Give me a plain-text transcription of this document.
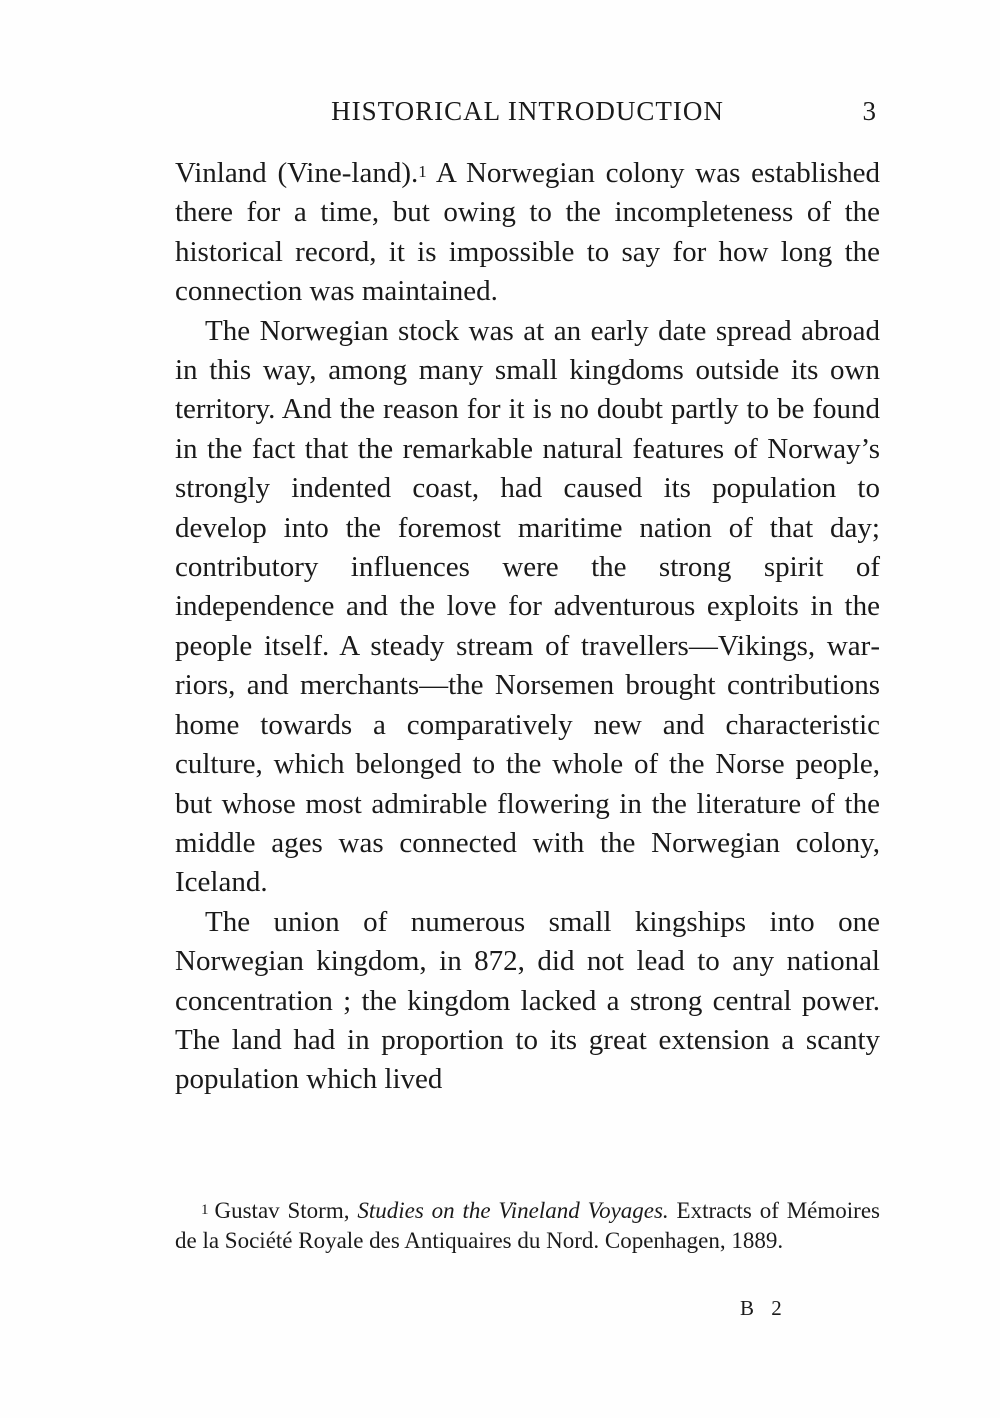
HISTORICAL INTRODUCTION	3

Vinland (Vine-land).$^1$ A Norwegian colony was established there for a time, but owing to the incompleteness of the historical record, it is impossible to say for how long the connection was maintained.

The Norwegian stock was at an early date spread abroad in this way, among many small kingdoms outside its own territory. And the reason for it is no doubt partly to be found in the fact that the remarkable natural features of Norway’s strongly indented coast, had caused its population to develop into the foremost maritime nation of that day; contributory influences were the strong spirit of independence and the love for adventurous exploits in the people itself. A steady stream of travellers—Vikings, warriors, and merchants—the Norsemen brought contributions home towards a comparatively new and characteristic culture, which belonged to the whole of the Norse people, but whose most admirable flowering in the literature of the middle ages was connected with the Norwegian colony, Iceland.

The union of numerous small kingships into one Norwegian kingdom, in 872, did not lead to any national concentration ; the kingdom lacked a strong central power. The land had in proportion to its great extension a scanty population which lived

$^1$ Gustav Storm, Studies on the Vineland Voyages. Extracts of Mémoires de la Société Royale des Antiquaires du Nord. Copenhagen, 1889.

B 2
